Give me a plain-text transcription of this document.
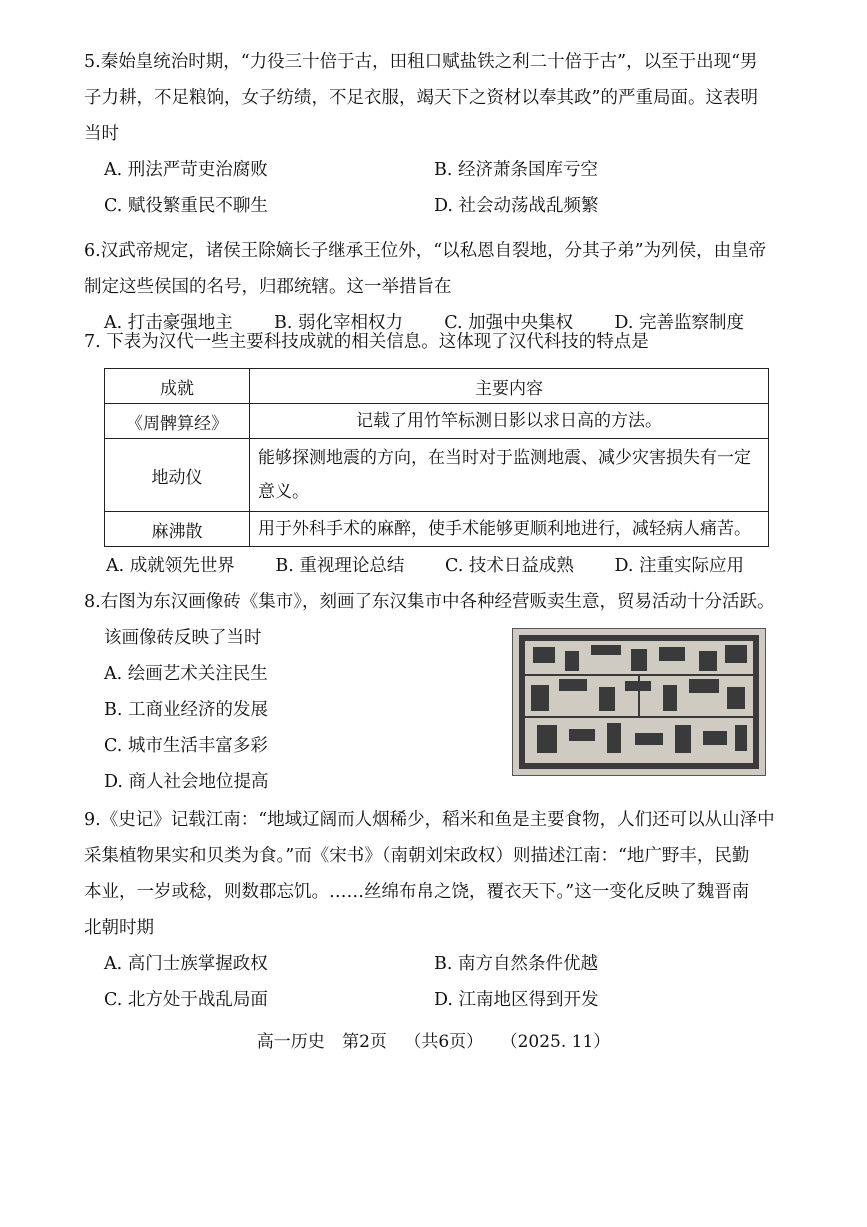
5.秦始皇统治时期，“力役三十倍于古，田租口赋盐铁之利二十倍于古”，以至于出现“男
子力耕，不足粮饷，女子纺绩，不足衣服，竭天下之资材以奉其政”的严重局面。这表明
当时
A. 刑法严苛吏治腐败	B. 经济萧条国库亏空
C. 赋役繁重民不聊生	D. 社会动荡战乱频繁
6.汉武帝规定，诸侯王除嫡长子继承王位外，“以私恩自裂地，分其子弟”为列侯，由皇帝
制定这些侯国的名号，归郡统辖。这一举措旨在
A. 打击豪强地主 B. 弱化宰相权力 C. 加强中央集权 D. 完善监察制度
7. 下表为汉代一些主要科技成就的相关信息。这体现了汉代科技的特点是
成就	主要内容
《周髀算经》	记载了用竹竿标测日影以求日高的方法。
地动仪	能够探测地震的方向，在当时对于监测地震、减少灾害损失有一定意义。
麻沸散	用于外科手术的麻醉，使手术能够更顺利地进行，减轻病人痛苦。
A. 成就领先世界 B. 重视理论总结 C. 技术日益成熟 D. 注重实际应用
8.右图为东汉画像砖《集市》，刻画了东汉集市中各种经营贩卖生意，贸易活动十分活跃。
该画像砖反映了当时
A. 绘画艺术关注民生
B. 工商业经济的发展
C. 城市生活丰富多彩
D. 商人社会地位提高
9.《史记》记载江南：“地域辽阔而人烟稀少，稻米和鱼是主要食物，人们还可以从山泽中
采集植物果实和贝类为食。”而《宋书》（南朝刘宋政权）则描述江南：“地广野丰，民勤
本业，一岁或稔，则数郡忘饥。……丝绵布帛之饶，覆衣天下。”这一变化反映了魏晋南
北朝时期
A. 高门士族掌握政权	B. 南方自然条件优越
C. 北方处于战乱局面	D. 江南地区得到开发
高一历史 第2页 （共6页） （2025. 11）
